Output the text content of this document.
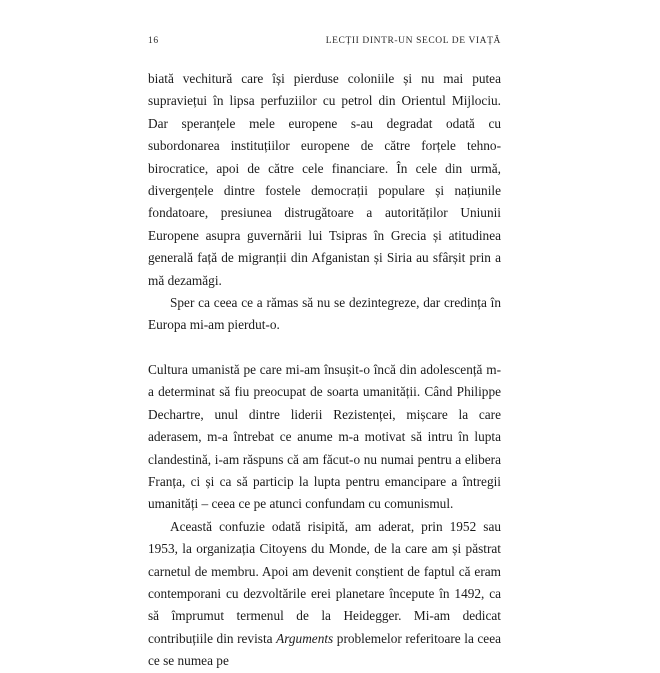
16	LECȚII DINTR-UN SECOL DE VIAȚĂ

biată vechitură care își pierduse coloniile și nu mai putea supraviețui în lipsa perfuziilor cu petrol din Orientul Mijlociu. Dar speranțele mele europene s-au degradat odată cu subordonarea instituțiilor europene de către forțele tehno-birocratice, apoi de către cele financiare. În cele din urmă, divergențele dintre fostele democrații populare și națiunile fondatoare, presiunea distrugătoare a autorităților Uniunii Europene asupra guvernării lui Tsipras în Grecia și atitudinea generală față de migranții din Afganistan și Siria au sfârșit prin a mă dezamăgi.

Sper ca ceea ce a rămas să nu se dezintegreze, dar credința în Europa mi-am pierdut-o.

Cultura umanistă pe care mi-am însușit-o încă din adolescență m-a determinat să fiu preocupat de soarta umanității. Când Philippe Dechartre, unul dintre liderii Rezistenței, mișcare la care aderasem, m-a întrebat ce anume m-a motivat să intru în lupta clandestină, i-am răspuns că am făcut-o nu numai pentru a elibera Franța, ci și ca să particip la lupta pentru emancipare a întregii umanități – ceea ce pe atunci confundam cu comunismul.

Această confuzie odată risipită, am aderat, prin 1952 sau 1953, la organizația Citoyens du Monde, de la care am și păstrat carnetul de membru. Apoi am devenit conștient de faptul că eram contemporani cu dezvoltările erei planetare începute în 1492, ca să împrumut termenul de la Heidegger. Mi-am dedicat contribuțiile din revista Arguments problemelor referitoare la ceea ce se numea pe
